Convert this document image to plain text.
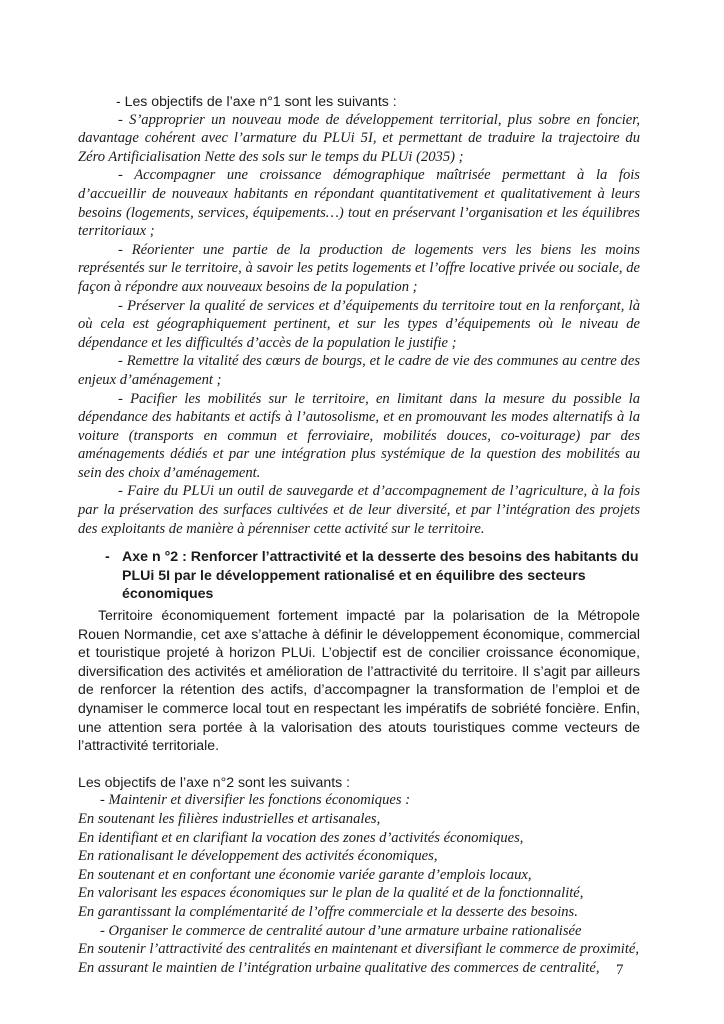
- Les objectifs de l’axe n°1 sont les suivants :

- S’approprier un nouveau mode de développement territorial, plus sobre en foncier, davantage cohérent avec l’armature du PLUi 5I, et permettant de traduire la trajectoire du Zéro Artificialisation Nette des sols sur le temps du PLUi (2035) ;
- Accompagner une croissance démographique maîtrisée permettant à la fois d’accueillir de nouveaux habitants en répondant quantitativement et qualitativement à leurs besoins (logements, services, équipements…) tout en préservant l’organisation et les équilibres territoriaux ;
- Réorienter une partie de la production de logements vers les biens les moins représentés sur le territoire, à savoir les petits logements et l’offre locative privée ou sociale, de façon à répondre aux nouveaux besoins de la population ;
- Préserver la qualité de services et d’équipements du territoire tout en la renforçant, là où cela est géographiquement pertinent, et sur les types d’équipements où le niveau de dépendance et les difficultés d’accès de la population le justifie ;
- Remettre la vitalité des cœurs de bourgs, et le cadre de vie des communes au centre des enjeux d’aménagement ;
- Pacifier les mobilités sur le territoire, en limitant dans la mesure du possible la dépendance des habitants et actifs à l’autosolisme, et en promouvant les modes alternatifs à la voiture (transports en commun et ferroviaire, mobilités douces, co-voiturage) par des aménagements dédiés et par une intégration plus systémique de la question des mobilités au sein des choix d’aménagement.
- Faire du PLUi un outil de sauvegarde et d’accompagnement de l’agriculture, à la fois par la préservation des surfaces cultivées et de leur diversité, et par l’intégration des projets des exploitants de manière à pérenniser cette activité sur le territoire.
- Axe n °2 : Renforcer l’attractivité et la desserte des besoins des habitants du PLUi 5I par le développement rationalisé et en équilibre des secteurs économiques

Territoire économiquement fortement impacté par la polarisation de la Métropole Rouen Normandie, cet axe s’attache à définir le développement économique, commercial et touristique projeté à horizon PLUi. L’objectif est de concilier croissance économique, diversification des activités et amélioration de l’attractivité du territoire. Il s’agit par ailleurs de renforcer la rétention des actifs, d’accompagner la transformation de l’emploi et de dynamiser le commerce local tout en respectant les impératifs de sobriété foncière. Enfin, une attention sera portée à la valorisation des atouts touristiques comme vecteurs de l’attractivité territoriale.

Les objectifs de l’axe n°2 sont les suivants :

- Maintenir et diversifier les fonctions économiques :
En soutenant les filières industrielles et artisanales,
En identifiant et en clarifiant la vocation des zones d’activités économiques,
En rationalisant le développement des activités économiques,
En soutenant et en confortant une économie variée garante d’emplois locaux,
En valorisant les espaces économiques sur le plan de la qualité et de la fonctionnalité,
En garantissant la complémentarité de l’offre commerciale et la desserte des besoins.
- Organiser le commerce de centralité autour d’une armature urbaine rationalisée
En soutenir l’attractivité des centralités en maintenant et diversifiant le commerce de proximité,
En assurant le maintien de l’intégration urbaine qualitative des commerces de centralité,	7
